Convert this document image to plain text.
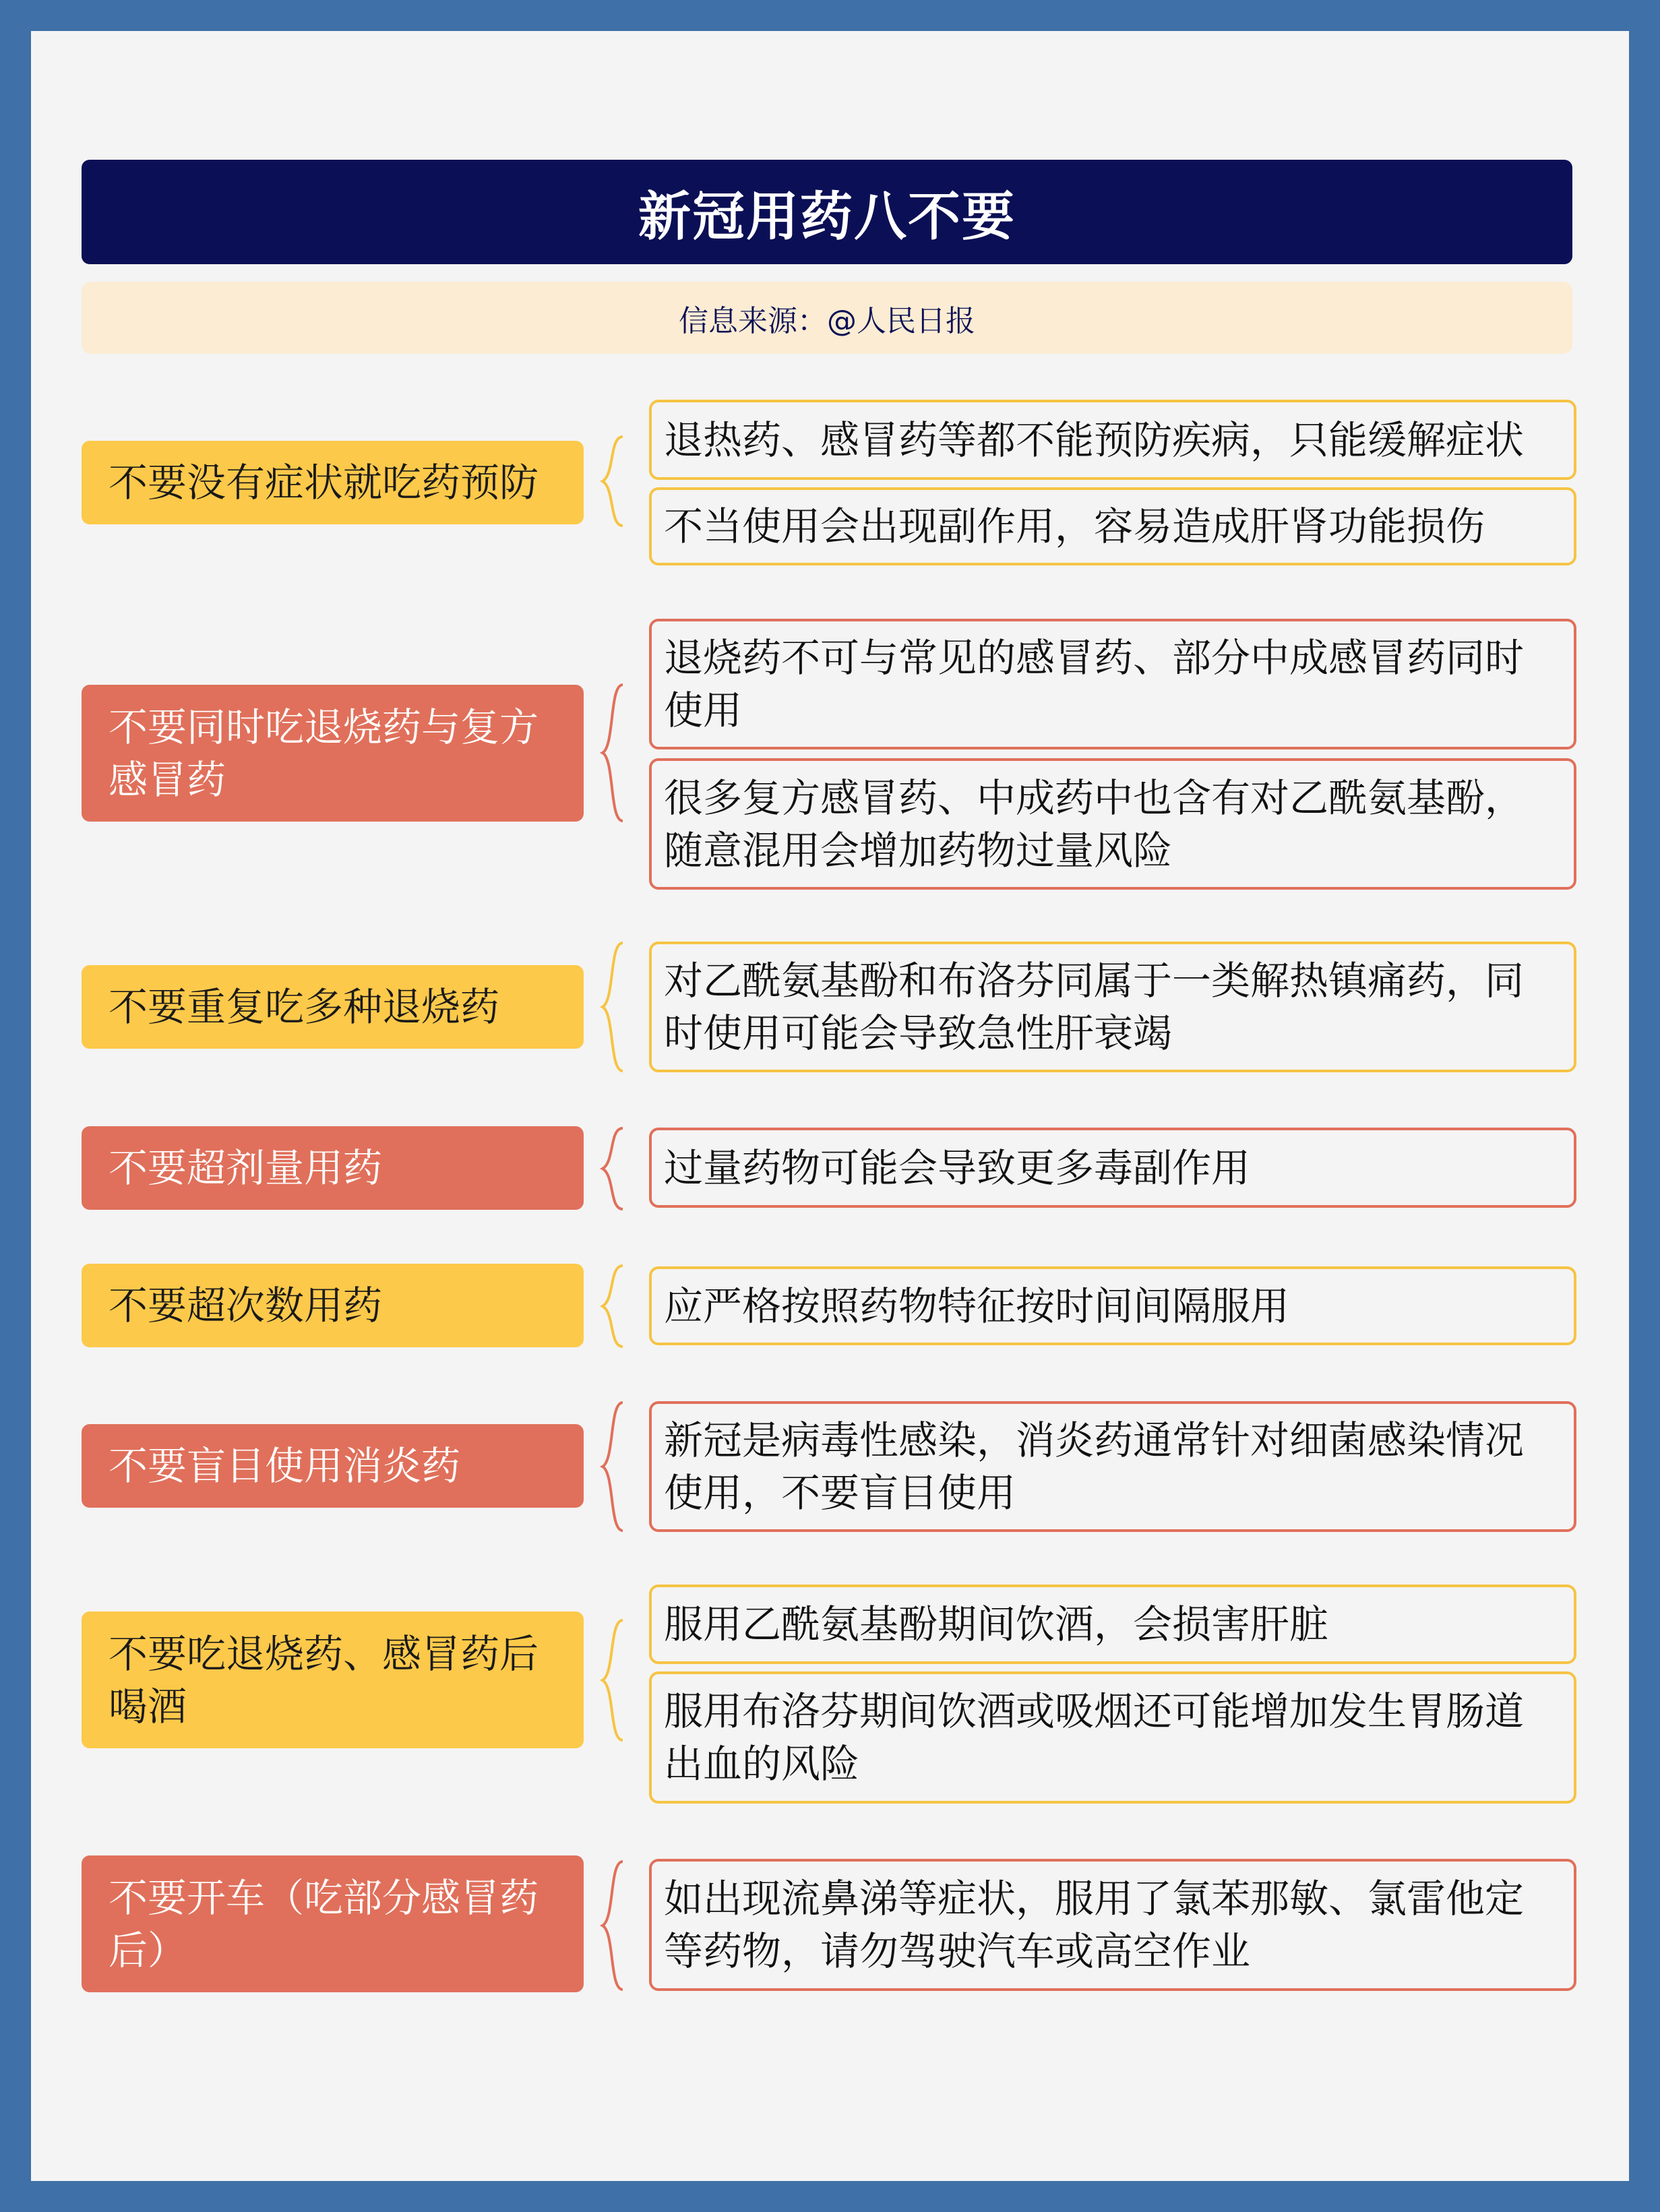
新冠用药八不要
信息来源：@人民日报
不要没有症状就吃药预防
退热药、感冒药等都不能预防疾病，只能缓解症状
不当使用会出现副作用，容易造成肝肾功能损伤
不要同时吃退烧药与复方感冒药
退烧药不可与常见的感冒药、部分中成感冒药同时使用
很多复方感冒药、中成药中也含有对乙酰氨基酚，随意混用会增加药物过量风险
不要重复吃多种退烧药
对乙酰氨基酚和布洛芬同属于一类解热镇痛药，同时使用可能会导致急性肝衰竭
不要超剂量用药	过量药物可能会导致更多毒副作用
不要超次数用药	应严格按照药物特征按时间间隔服用
不要盲目使用消炎药
新冠是病毒性感染，消炎药通常针对细菌感染情况使用，不要盲目使用
不要吃退烧药、感冒药后喝酒
服用乙酰氨基酚期间饮酒，会损害肝脏
服用布洛芬期间饮酒或吸烟还可能增加发生胃肠道出血的风险
不要开车（吃部分感冒药后）
如出现流鼻涕等症状，服用了氯苯那敏、氯雷他定等药物，请勿驾驶汽车或高空作业
